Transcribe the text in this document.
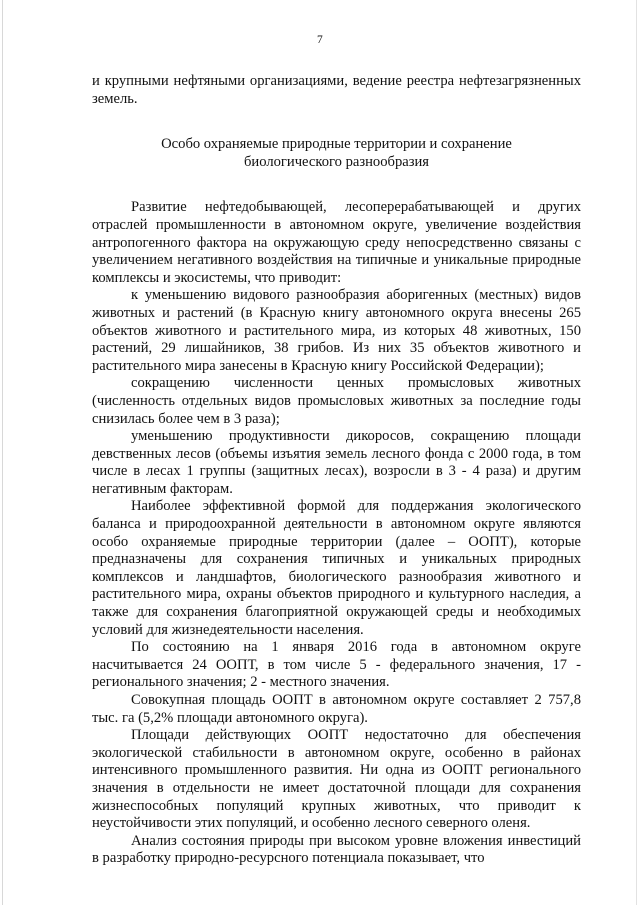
7

и крупными нефтяными организациями, ведение реестра нефтезагрязненных земель.

Особо охраняемые природные территории и сохранение
биологического разнообразия

Развитие нефтедобывающей, лесоперерабатывающей и других отраслей промышленности в автономном округе, увеличение воздействия антропогенного фактора на окружающую среду непосредственно связаны с увеличением негативного воздействия на типичные и уникальные природные комплексы и экосистемы, что приводит:

к уменьшению видового разнообразия аборигенных (местных) видов животных и растений (в Красную книгу автономного округа внесены 265 объектов животного и растительного мира, из которых 48 животных, 150 растений, 29 лишайников, 38 грибов. Из них 35 объектов животного и растительного мира занесены в Красную книгу Российской Федерации);

сокращению численности ценных промысловых животных (численность отдельных видов промысловых животных за последние годы снизилась более чем в 3 раза);

уменьшению продуктивности дикоросов, сокращению площади девственных лесов (объемы изъятия земель лесного фонда с 2000 года, в том числе в лесах 1 группы (защитных лесах), возросли в 3 - 4 раза) и другим негативным факторам.

Наиболее эффективной формой для поддержания экологического баланса и природоохранной деятельности в автономном округе являются особо охраняемые природные территории (далее – ООПТ), которые предназначены для сохранения типичных и уникальных природных комплексов и ландшафтов, биологического разнообразия животного и растительного мира, охраны объектов природного и культурного наследия, а также для сохранения благоприятной окружающей среды и необходимых условий для жизнедеятельности населения.

По состоянию на 1 января 2016 года в автономном округе насчитывается 24 ООПТ, в том числе 5 - федерального значения, 17 - регионального значения; 2 - местного значения.

Совокупная площадь ООПТ в автономном округе составляет 2 757,8 тыс. га (5,2% площади автономного округа).

Площади действующих ООПТ недостаточно для обеспечения экологической стабильности в автономном округе, особенно в районах интенсивного промышленного развития. Ни одна из ООПТ регионального значения в отдельности не имеет достаточной площади для сохранения жизнеспособных популяций крупных животных, что приводит к неустойчивости этих популяций, и особенно лесного северного оленя.

Анализ состояния природы при высоком уровне вложения инвестиций в разработку природно-ресурсного потенциала показывает, что
